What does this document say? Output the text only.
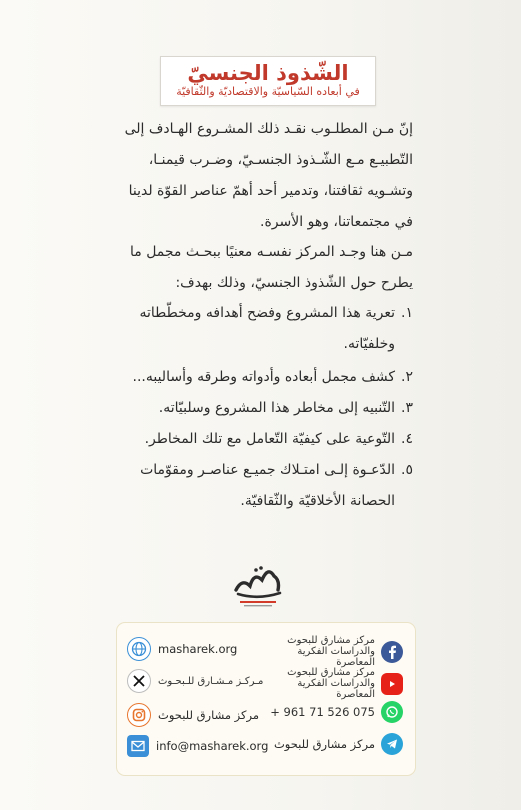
الشّذوذ الجنسيّ
في أبعاده السّياسيّة والاقتصاديّة والثّقافيّة
إنّ مـن المطلـوب نقـد ذلك المشـروع الهـادف إلى
التّطبيـع مـع الشّـذوذ الجنسـيّ، وضـرب قيمنـا،
وتشـويه ثقافتنا، وتدمير أحد أهمّ عناصر القوّة لدينا
في مجتمعاتنا، وهو الأسرة.
مـن هنا وجـد المركز نفسـه معنيًا ببحـث مجمل ما
يطرح حول الشّذوذ الجنسيّ، وذلك بهدف:
١.
تعرية هذا المشروع وفضح أهدافه ومخطّطاته
وخلفيّاته.
٢.
كشف مجمل أبعاده وأدواته وطرقه وأساليبه...
٣.
التّنبيه إلى مخاطر هذا المشروع وسلبيّاته.
٤.
التّوعية على كيفيّة التّعامل مع تلك المخاطر.
٥.
الدّعـوة إلـى امتـلاك جميـع عناصـر ومقوّمات
الحصانة الأخلاقيّة والثّقافيّة.
masharek.org
مـركـز مـشـارق للـبحـوث
مركز مشارق للبحوث
info@masharek.org
مركز مشارق للبحوث والدراسات الفكرية المعاصرة
مركز مشارق للبحوث والدراسات الفكرية المعاصرة
+ 961 71 526 075
مركز مشارق للبحوث
